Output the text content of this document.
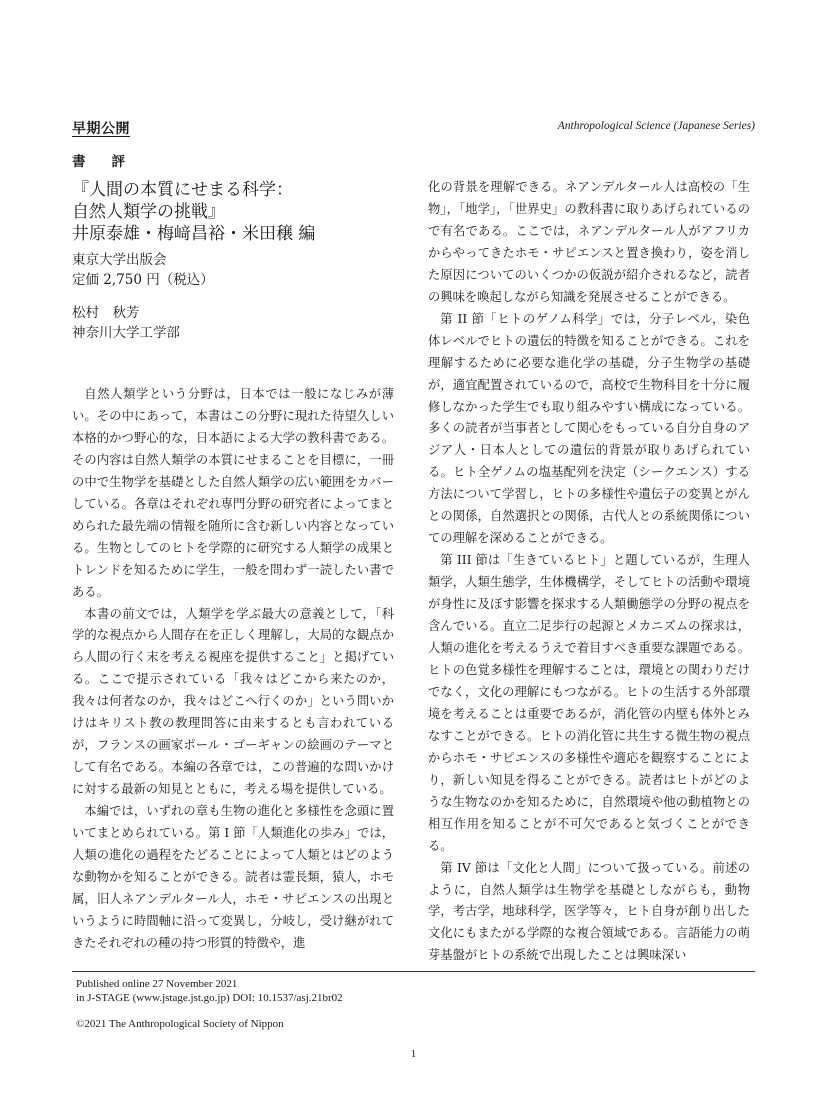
早期公開	Anthropological Science (Japanese Series)
書評
『人間の本質にせまる科学：
自然人類学の挑戦』
井原泰雄・梅﨑昌裕・米田穣 編
東京大学出版会
定価 2,750 円（税込）
松村　秋芳
神奈川大学工学部

自然人類学という分野は，日本では一般になじみが薄い。その中にあって，本書はこの分野に現れた待望久しい本格的かつ野心的な，日本語による大学の教科書である。その内容は自然人類学の本質にせまることを目標に，一冊の中で生物学を基礎とした自然人類学の広い範囲をカバーしている。各章はそれぞれ専門分野の研究者によってまとめられた最先端の情報を随所に含む新しい内容となっている。生物としてのヒトを学際的に研究する人類学の成果とトレンドを知るために学生，一般を問わず一読したい書である。

本書の前文では，人類学を学ぶ最大の意義として，「科学的な視点から人間存在を正しく理解し，大局的な観点から人間の行く末を考える視座を提供すること」と掲げている。ここで提示されている「我々はどこから来たのか，我々は何者なのか，我々はどこへ行くのか」という問いかけはキリスト教の教理問答に由来するとも言われているが，フランスの画家ポール・ゴーギャンの絵画のテーマとして有名である。本編の各章では，この普遍的な問いかけに対する最新の知見とともに，考える場を提供している。

本編では，いずれの章も生物の進化と多様性を念頭に置いてまとめられている。第 I 節「人類進化の歩み」では，人類の進化の過程をたどることによって人類とはどのような動物かを知ることができる。読者は霊長類，猿人，ホモ属，旧人ネアンデルタール人，ホモ・サピエンスの出現というように時間軸に沿って変異し，分岐し，受け継がれてきたそれぞれの種の持つ形質的特徴や，進

化の背景を理解できる。ネアンデルタール人は高校の「生物」，「地学」，「世界史」の教科書に取りあげられているので有名である。ここでは，ネアンデルタール人がアフリカからやってきたホモ・サピエンスと置き換わり，姿を消した原因についてのいくつかの仮説が紹介されるなど，読者の興味を喚起しながら知識を発展させることができる。

第 II 節「ヒトのゲノム科学」では，分子レベル，染色体レベルでヒトの遺伝的特徴を知ることができる。これを理解するために必要な進化学の基礎，分子生物学の基礎が，適宜配置されているので，高校で生物科目を十分に履修しなかった学生でも取り組みやすい構成になっている。多くの読者が当事者として関心をもっている自分自身のアジア人・日本人としての遺伝的背景が取りあげられている。ヒト全ゲノムの塩基配列を決定（シークエンス）する方法について学習し，ヒトの多様性や遺伝子の変異とがんとの関係，自然選択との関係，古代人との系統関係についての理解を深めることができる。

第 III 節は「生きているヒト」と題しているが，生理人類学，人類生態学，生体機構学，そしてヒトの活動や環境が身性に及ぼす影響を探求する人類働態学の分野の視点を含んでいる。直立二足歩行の起源とメカニズムの探求は，人類の進化を考えるうえで着目すべき重要な課題である。ヒトの色覚多様性を理解することは，環境との関わりだけでなく，文化の理解にもつながる。ヒトの生活する外部環境を考えることは重要であるが，消化管の内壁も体外とみなすことができる。ヒトの消化管に共生する微生物の視点からホモ・サピエンスの多様性や適応を観察することにより，新しい知見を得ることができる。読者はヒトがどのような生物なのかを知るために，自然環境や他の動植物との相互作用を知ることが不可欠であると気づくことができる。

第 IV 節は「文化と人間」について扱っている。前述のように，自然人類学は生物学を基礎としながらも，動物学，考古学，地球科学，医学等々，ヒト自身が創り出した文化にもまたがる学際的な複合領域である。言語能力の萌芽基盤がヒトの系統で出現したことは興味深い

Published online 27 November 2021
in J-STAGE (www.jstage.jst.go.jp) DOI: 10.1537/asj.21br02
©2021 The Anthropological Society of Nippon
1
